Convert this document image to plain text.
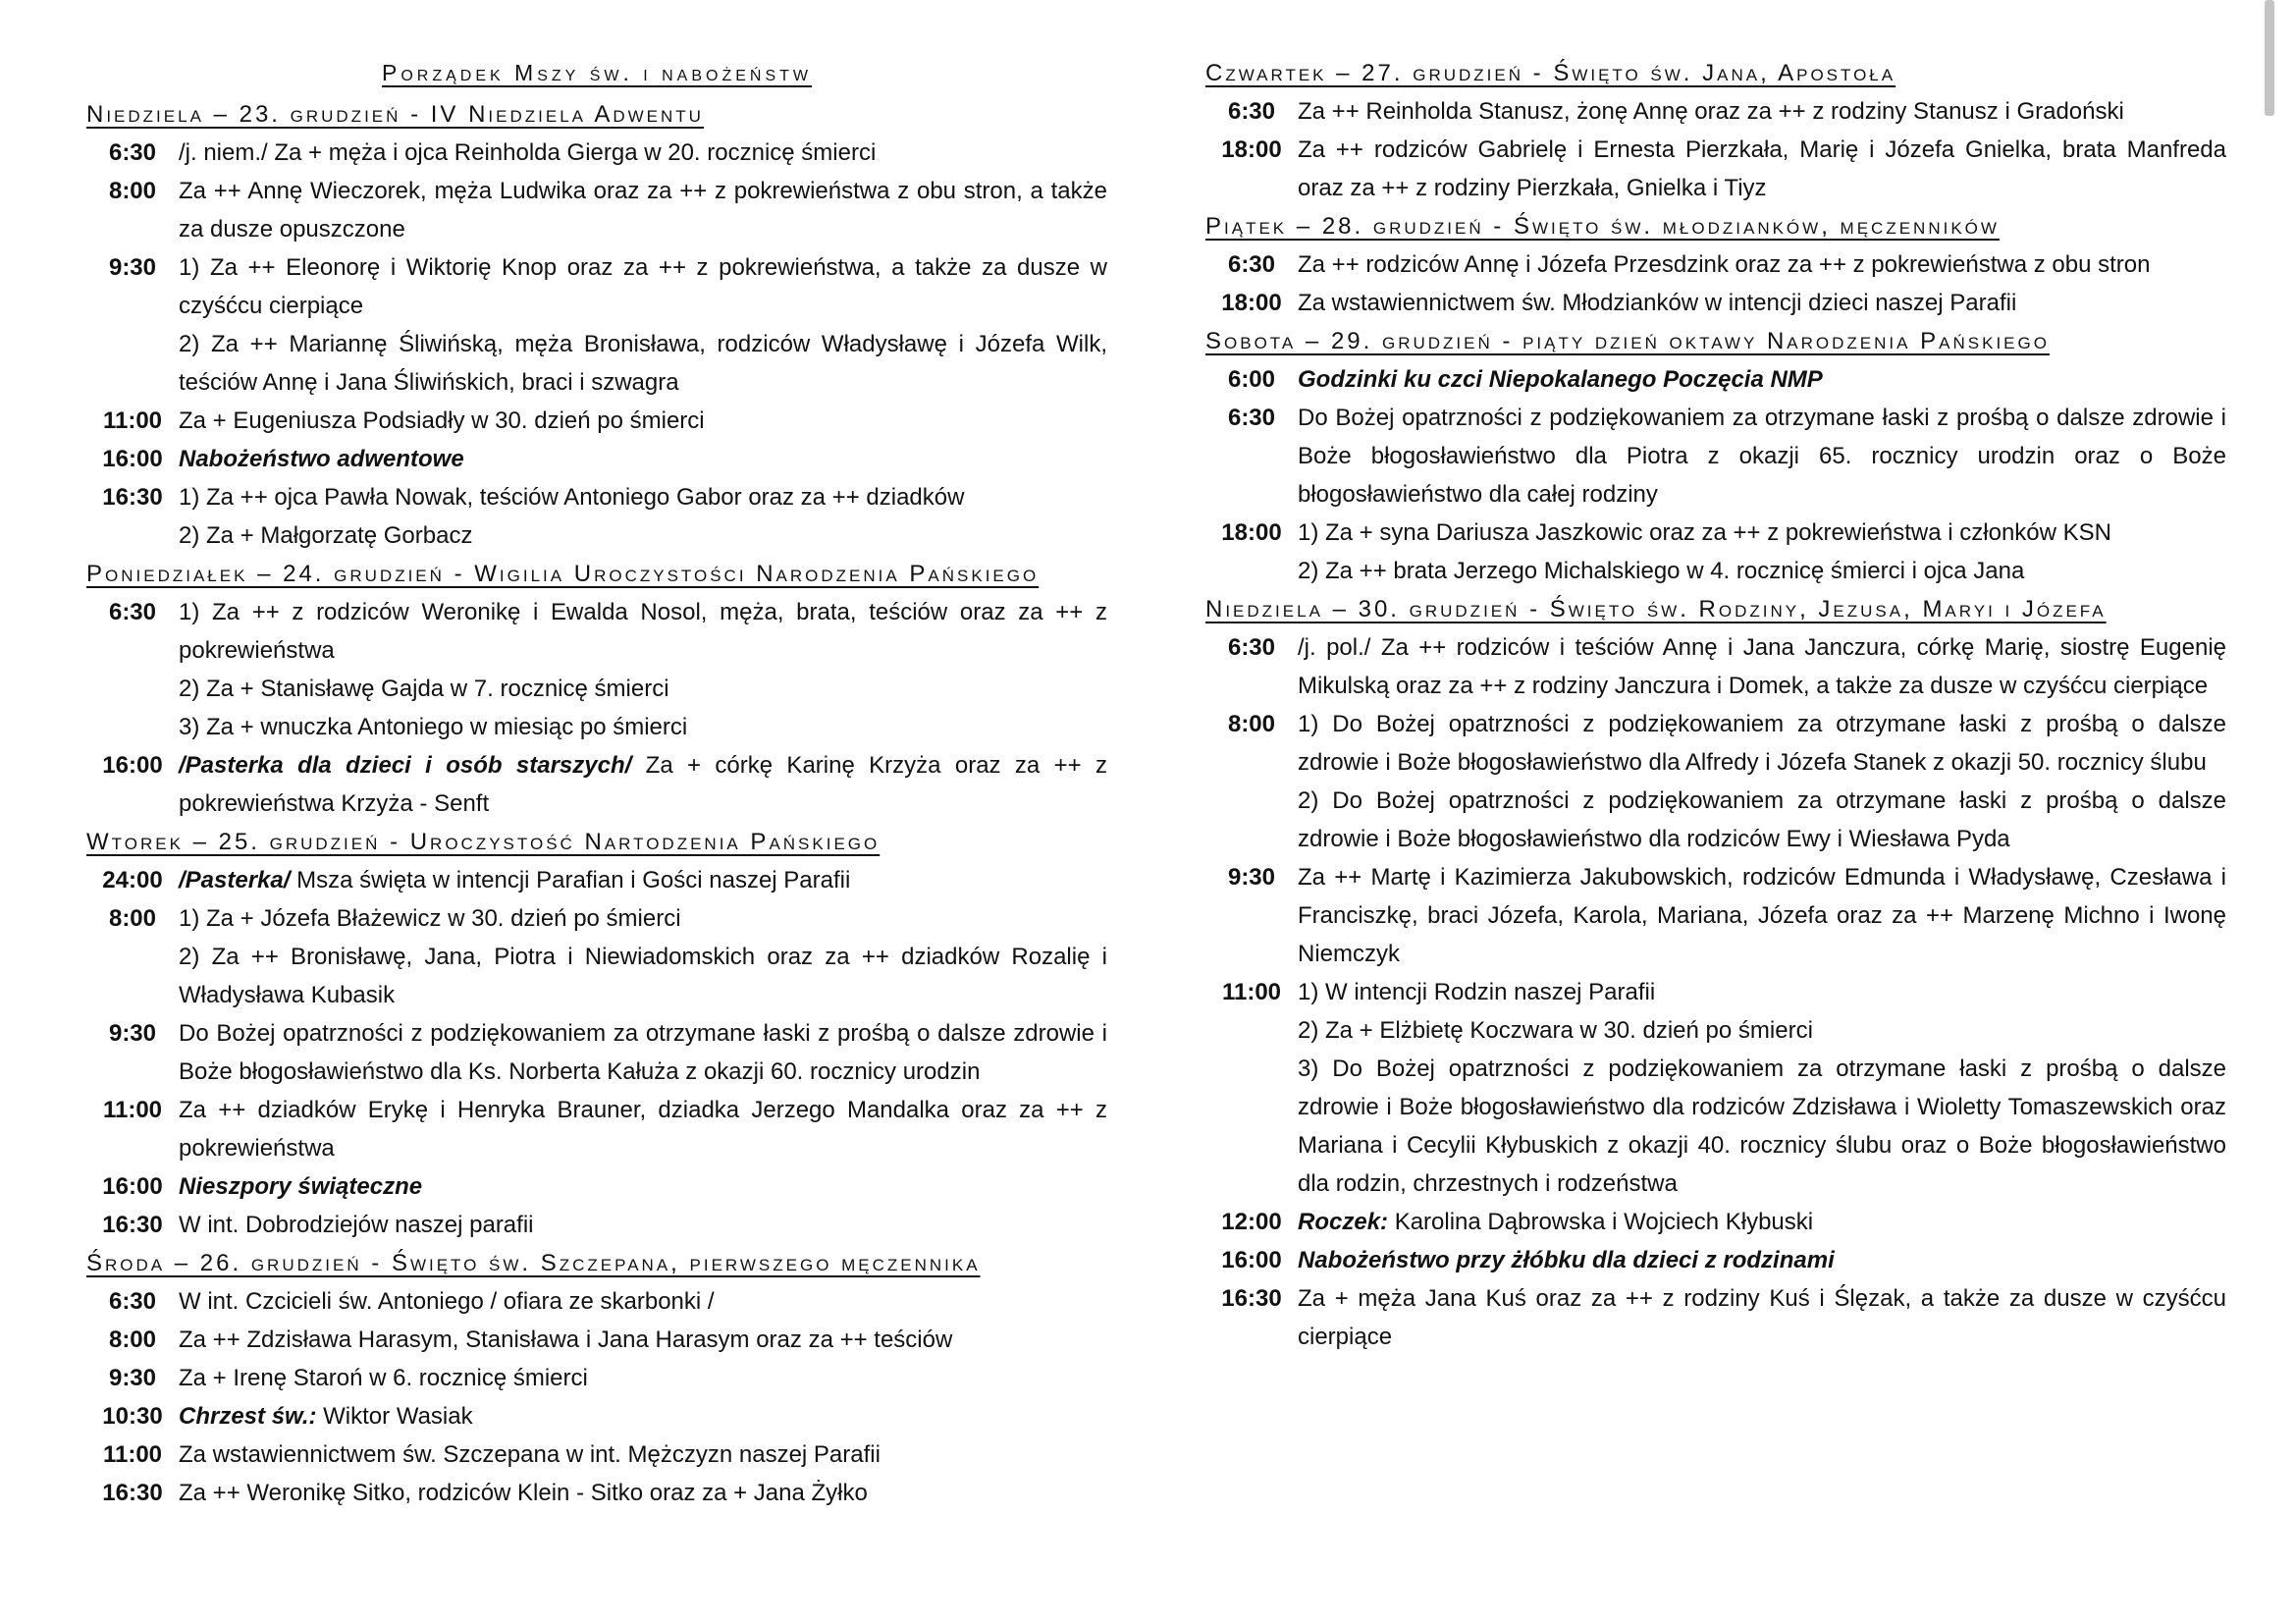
Porządek Mszy św. i nabożeństw
Niedziela – 23. grudzień - IV Niedziela Adwentu
6:30 /j. niem./ Za + męża i ojca Reinholda Gierga w 20. rocznicę śmierci
8:00 Za ++ Annę Wieczorek, męża Ludwika oraz za ++ z pokrewieństwa z obu stron, a także za dusze opuszczone
9:30 1) Za ++ Eleonorę i Wiktorię Knop oraz za ++ z pokrewieństwa, a także za dusze w czyśćcu cierpiące
2) Za ++ Mariannę Śliwińską, męża Bronisława, rodziców Władysławę i Józefa Wilk, teściów Annę i Jana Śliwińskich, braci i szwagra
11:00 Za + Eugeniusza Podsiadły w 30. dzień po śmierci
16:00 Nabożeństwo adwentowe
16:30 1) Za ++ ojca Pawła Nowak, teściów Antoniego Gabor oraz za ++ dziadków
2) Za + Małgorzatę Gorbacz
Poniedziałek – 24. grudzień - Wigilia Uroczystości Narodzenia Pańskiego
6:30 1) Za ++ z rodziców Weronikę i Ewalda Nosol, męża, brata, teściów oraz za ++ z pokrewieństwa
2) Za + Stanisławę Gajda w 7. rocznicę śmierci
3) Za + wnuczka Antoniego w miesiąc po śmierci
16:00 /Pasterka dla dzieci i osób starszych/ Za + córkę Karinę Krzyża oraz za ++ z pokrewieństwa Krzyża - Senft
Wtorek – 25. grudzień - Uroczystość Nartodzenia Pańskiego
24:00 /Pasterka/ Msza święta w intencji Parafian i Gości naszej Parafii
8:00 1) Za + Józefa Błażewicz w 30. dzień po śmierci
2) Za ++ Bronisławę, Jana, Piotra i Niewiadomskich oraz za ++ dziadków Rozalię i Władysława Kubasik
9:30 Do Bożej opatrzności z podziękowaniem za otrzymane łaski z prośbą o dalsze zdrowie i Boże błogosławieństwo dla Ks. Norberta Kałuża z okazji 60. rocznicy urodzin
11:00 Za ++ dziadków Erykę i Henryka Brauner, dziadka Jerzego Mandalka oraz za ++ z pokrewieństwa
16:00 Nieszpory świąteczne
16:30 W int. Dobrodziejów naszej parafii
Środa – 26. grudzień - Święto św. Szczepana, pierwszego męczennika
6:30 W int. Czcicieli św. Antoniego / ofiara ze skarbonki /
8:00 Za ++ Zdzisława Harasym, Stanisława i Jana Harasym oraz za ++ teściów
9:30 Za + Irenę Staroń w 6. rocznicę śmierci
10:30 Chrzest św.: Wiktor Wasiak
11:00 Za wstawiennictwem św. Szczepana w int. Mężczyzn naszej Parafii
16:30 Za ++ Weronikę Sitko, rodziców Klein - Sitko oraz za + Jana Żyłko
Czwartek – 27. grudzień - Święto św. Jana, Apostoła
6:30 Za ++ Reinholda Stanusz, żonę Annę oraz za ++ z rodziny Stanusz i Gradoński
18:00 Za ++ rodziców Gabrielę i Ernesta Pierzkała, Marię i Józefa Gnielka, brata Manfreda oraz za ++ z rodziny Pierzkała, Gnielka i Tiyz
Piątek – 28. grudzień - Święto św. młodzianków, męczenników
6:30 Za ++ rodziców Annę i Józefa Przesdzink oraz za ++ z pokrewieństwa z obu stron
18:00 Za wstawiennictwem św. Młodzianków w intencji dzieci naszej Parafii
Sobota – 29. grudzień - piąty dzień oktawy Narodzenia Pańskiego
6:00 Godzinki ku czci Niepokalanego Poczęcia NMP
6:30 Do Bożej opatrzności z podziękowaniem za otrzymane łaski z prośbą o dalsze zdrowie i Boże błogosławieństwo dla Piotra z okazji 65. rocznicy urodzin oraz o Boże błogosławieństwo dla całej rodziny
18:00 1) Za + syna Dariusza Jaszkowic oraz za ++ z pokrewieństwa i członków KSN
2) Za ++ brata Jerzego Michalskiego w 4. rocznicę śmierci i ojca Jana
Niedziela – 30. grudzień - Święto św. Rodziny, Jezusa, Maryi i Józefa
6:30 /j. pol./ Za ++ rodziców i teściów Annę i Jana Janczura, córkę Marię, siostrę Eugenię Mikulską oraz za ++ z rodziny Janczura i Domek, a także za dusze w czyśćcu cierpiące
8:00 1) Do Bożej opatrzności z podziękowaniem za otrzymane łaski z prośbą o dalsze zdrowie i Boże błogosławieństwo dla Alfredy i Józefa Stanek z okazji 50. rocznicy ślubu
2) Do Bożej opatrzności z podziękowaniem za otrzymane łaski z prośbą o dalsze zdrowie i Boże błogosławieństwo dla rodziców Ewy i Wiesława Pyda
9:30 Za ++ Martę i Kazimierza Jakubowskich, rodziców Edmunda i Władysławę, Czesława i Franciszkę, braci Józefa, Karola, Mariana, Józefa oraz za ++ Marzenę Michno i Iwonę Niemczyk
11:00 1) W intencji Rodzin naszej Parafii
2) Za + Elżbietę Koczwara w 30. dzień po śmierci
3) Do Bożej opatrzności z podziękowaniem za otrzymane łaski z prośbą o dalsze zdrowie i Boże błogosławieństwo dla rodziców Zdzisława i Wioletty Tomaszewskich oraz Mariana i Cecylii Kłybuskich z okazji 40. rocznicy ślubu oraz o Boże błogosławieństwo dla rodzin, chrzestnych i rodzeństwa
12:00 Roczek: Karolina Dąbrowska i Wojciech Kłybuski
16:00 Nabożeństwo przy żłóbku dla dzieci z rodzinami
16:30 Za + męża Jana Kuś oraz za ++ z rodziny Kuś i Ślęzak, a także za dusze w czyśćcu cierpiące
